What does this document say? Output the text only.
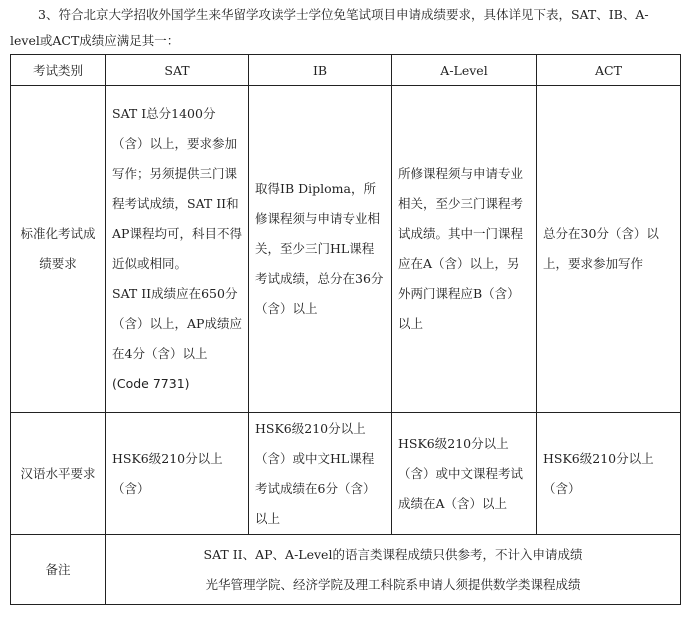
3、符合北京大学招收外国学生来华留学攻读学士学位免笔试项目申请成绩要求，具体详见下表，SAT、IB、A-
level或ACT成绩应满足其一：
考试类别	SAT	IB	A-Level	ACT
标准化考试成绩要求	SAT I总分1400分（含）以上，要求参加写作；另须提供三门课程考试成绩，SAT II和AP课程均可，科目不得近似或相同。

SAT II成绩应在650分（含）以上，AP成绩应在4分（含）以上

(Code 7731)	取得IB Diploma，所修课程须与申请专业相关，至少三门HL课程考试成绩，总分在36分（含）以上	所修课程须与申请专业相关，至少三门课程考试成绩。其中一门课程应在A（含）以上，另外两门课程应B（含）以上	总分在30分（含）以上，要求参加写作
汉语水平要求	HSK6级210分以上（含）	HSK6级210分以上（含）或中文HL课程考试成绩在6分（含）以上	HSK6级210分以上（含）或中文课程考试成绩在A（含）以上	HSK6级210分以上（含）
备注	SAT II、AP、A-Level的语言类课程成绩只供参考，不计入申请成绩

光华管理学院、经济学院及理工科院系申请人须提供数学类课程成绩			
